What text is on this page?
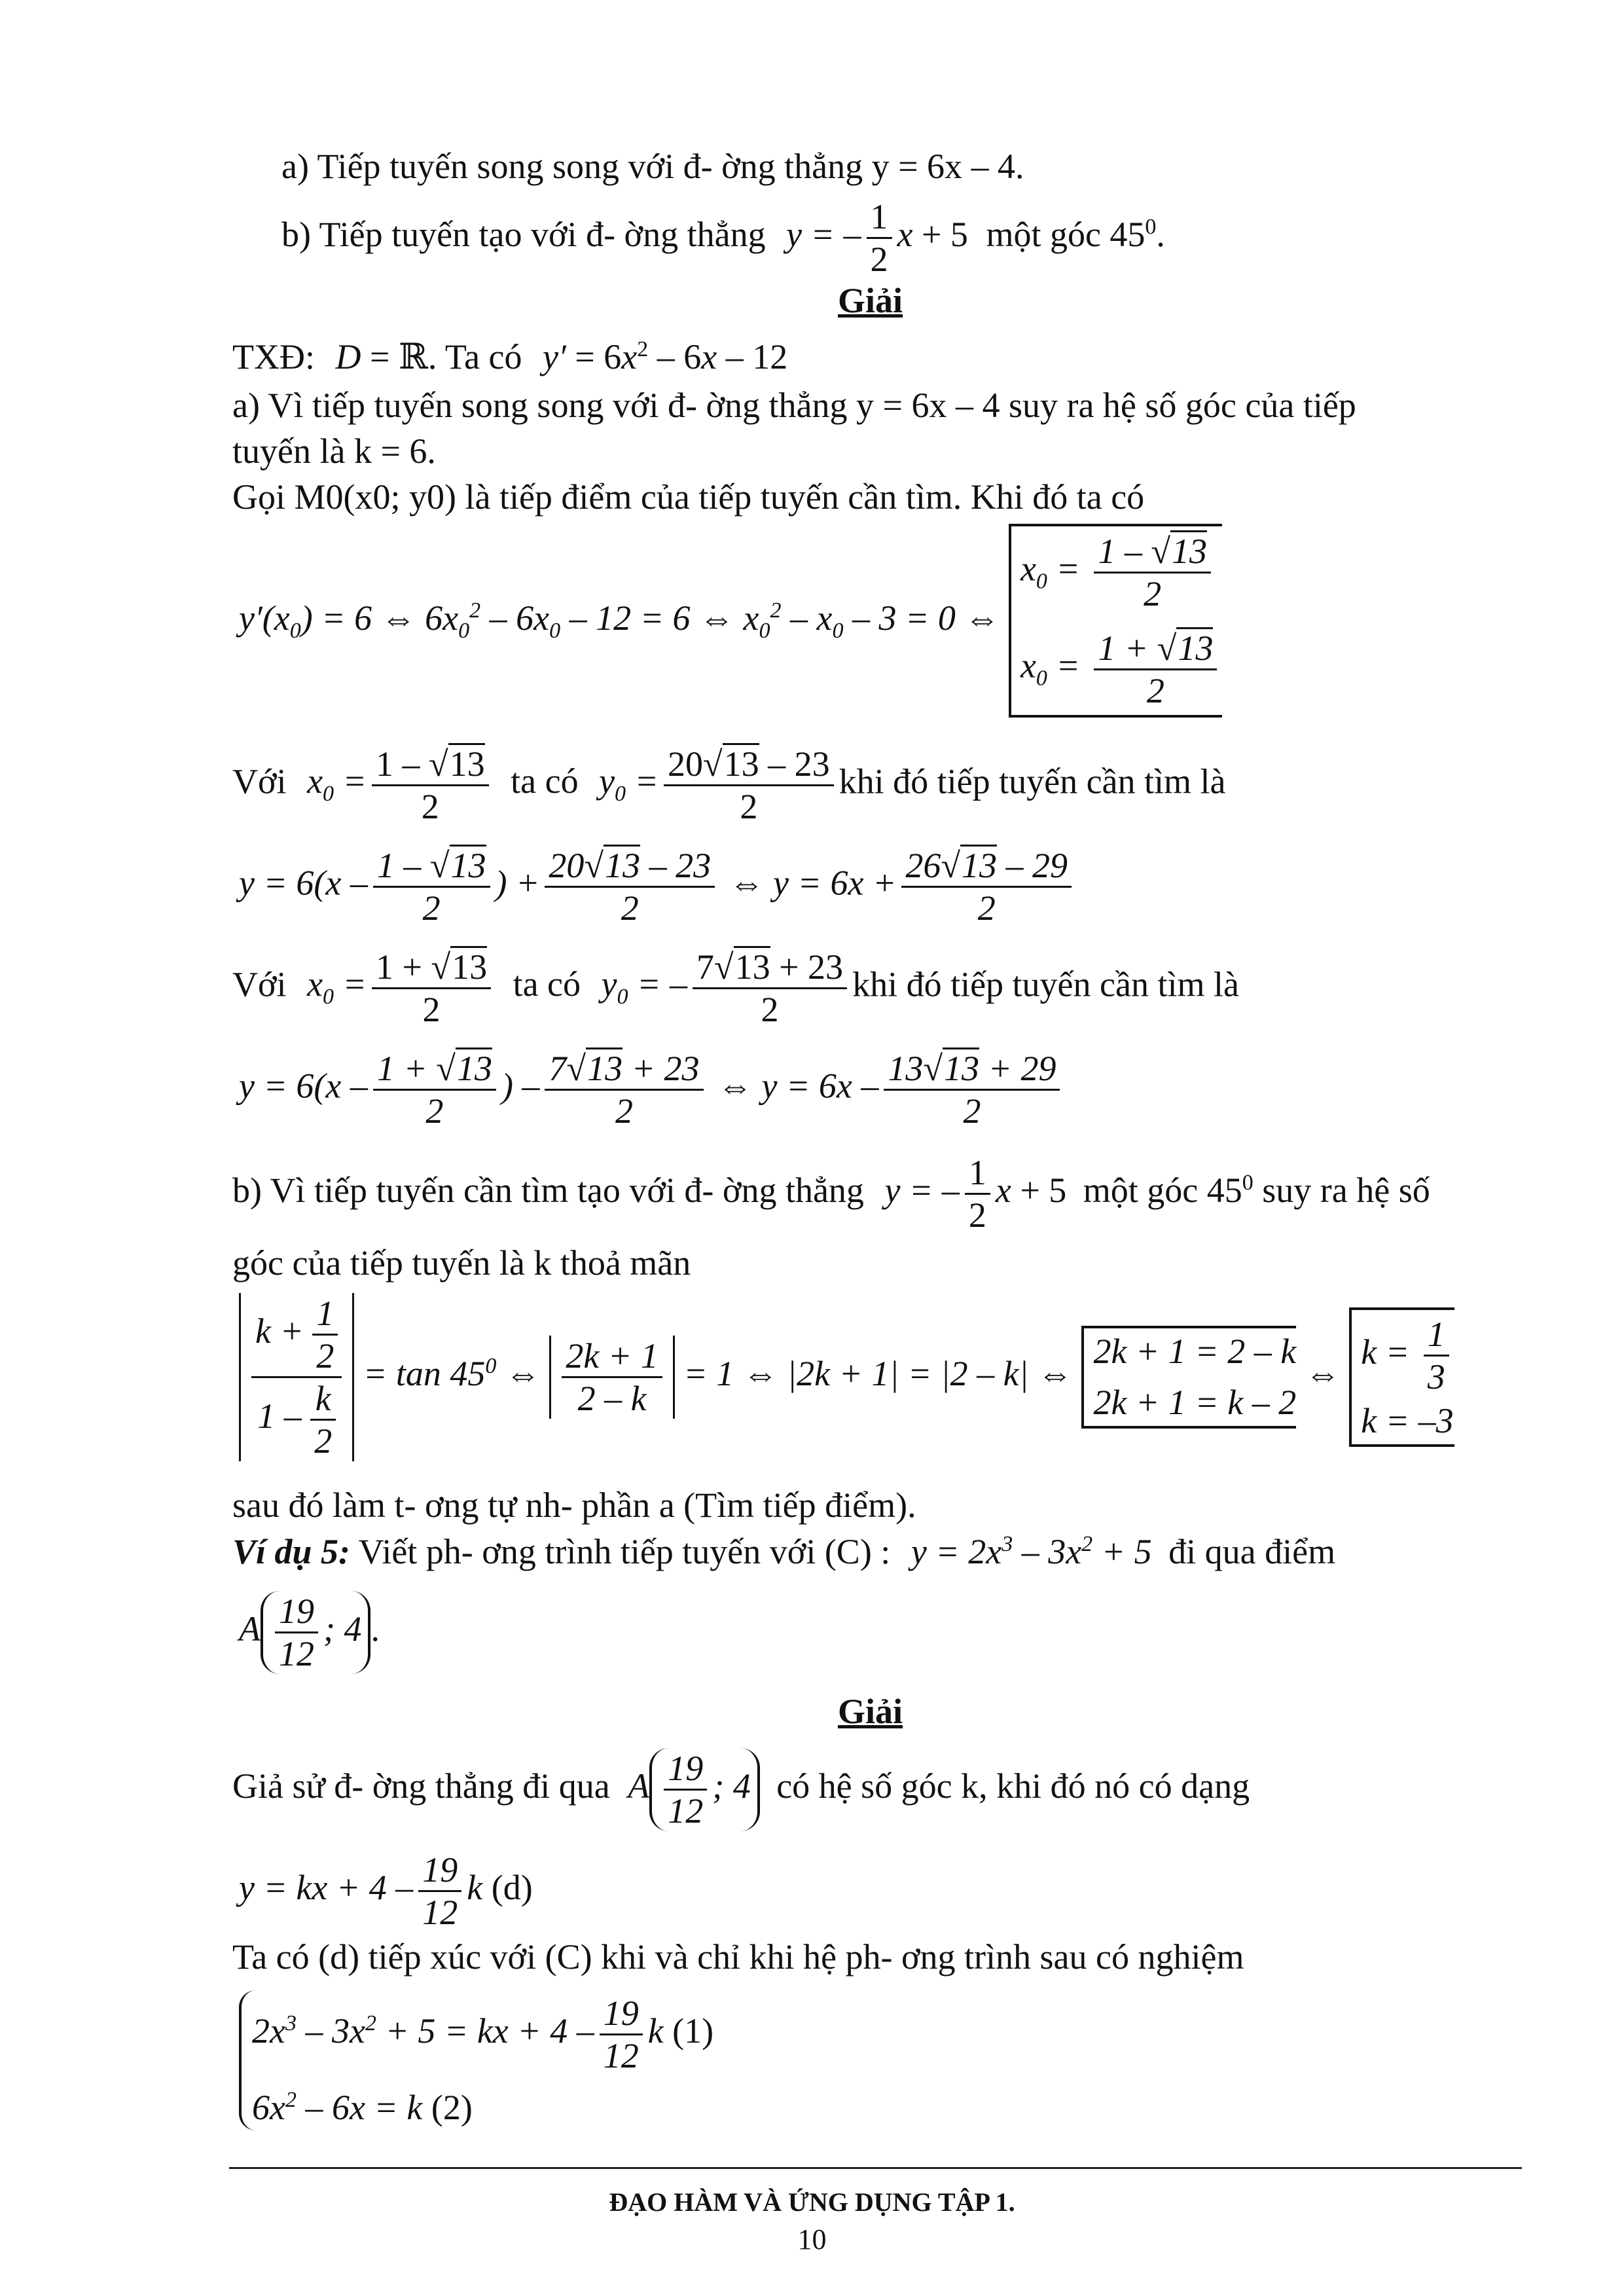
a) Tiếp tuyến song song với đ- ờng thẳng y = 6x – 4.
b) Tiếp tuyến tạo với đ- ờng thẳng y = – $\frac{1}{2}$ x + 5 một góc $45^0$.
Giải
TXĐ: D = ℝ. Ta có $y' = 6x^2 - 6x - 12$
a) Vì tiếp tuyến song song với đ- ờng thẳng y = 6x – 4 suy ra hệ số góc của tiếp
tuyến là k = 6.
Gọi M0(x0; y0) là tiếp điểm của tiếp tuyến cần tìm. Khi đó ta có
$y'(x_0) = 6$ ⇔ $6x_0^2 - 6x_0 - 12 = 6$ ⇔ $x_0^2 - x_0 - 3 = 0$ ⇔
$x_0 = \frac{1 - √13}{2}$
$x_0 = \frac{1 + √13}{2}$
Với $x_0 = \frac{1 - √13}{2}$ ta có $y_0 = \frac{20√13 - 23}{2}$ khi đó tiếp tuyến cần tìm là
$y = 6(x - \frac{1 - √13}{2}$ ) + $\frac{20√13 - 23}{2}$ ⇔ $y = 6x + \frac{26√13 - 29}{2}$
Với $x_0 = \frac{1 + √13}{2}$ ta có $y_0$ = – $\frac{7√13 + 23}{2}$ khi đó tiếp tuyến cần tìm là
$y = 6(x - \frac{1 + √13}{2}$ ) – $\frac{7√13 + 23}{2}$ ⇔ $y = 6x - \frac{13√13 + 29}{2}$
b) Vì tiếp tuyến cần tìm tạo với đ- ờng thẳng y = – $\frac{1}{2}$ x + 5 một góc $45^0$ suy ra hệ số
góc của tiếp tuyến là k thoả mãn
$\frac{k + \frac{1}{2}}{1 - \frac{k}{2}} = \tan 45^0$ ⇔ $\frac{2k + 1}{2 - k} = 1$ ⇔ |2k + 1| = |2 – k| ⇔
2k + 1 = 2 – k
2k + 1 = k – 2
⇔
$k = \frac{1}{3}$
k = –3
sau đó làm t- ơng tự nh- phần a (Tìm tiếp điểm).
Ví dụ 5: Viết ph- ơng trình tiếp tuyến với (C) : $y = 2x^3 - 3x^2 + 5$ đi qua điểm
A $\frac{19}{12}$ ; 4 .
Giải
Giả sử đ- ờng thẳng đi qua A $\frac{19}{12}$ ; 4 có hệ số góc k, khi đó nó có dạng
y = kx + $4 - \frac{19}{12}$ k (d)
Ta có (d) tiếp xúc với (C) khi và chỉ khi hệ ph- ơng trình sau có nghiệm
$2x^3 - 3x^2 + 5$ = kx + $4 - \frac{19}{12}$ k (1)
$6x^2 - 6x = k$ (2)
ĐẠO HÀM VÀ ỨNG DỤNG TẬP 1.
10
